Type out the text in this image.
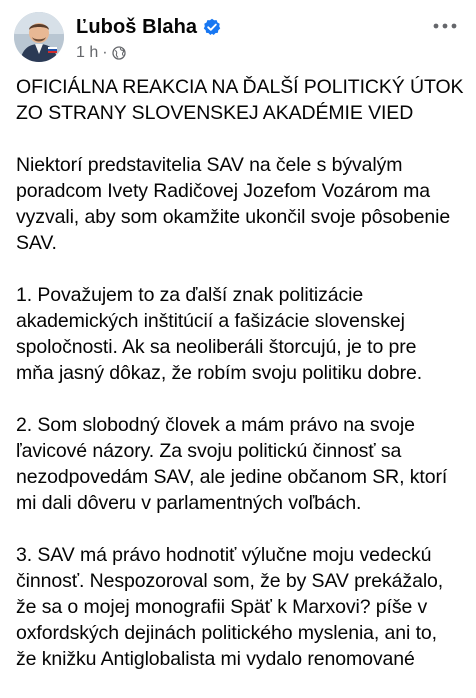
Ľuboš Blaha
1 h ·

OFICIÁLNA REAKCIA NA ĎALŠÍ POLITICKÝ ÚTOK
ZO STRANY SLOVENSKEJ AKADÉMIE VIED

Niektorí predstavitelia SAV na čele s bývalým
poradcom Ivety Radičovej Jozefom Vozárom ma
vyzvali, aby som okamžite ukončil svoje pôsobenie
SAV.

1. Považujem to za ďalší znak politizácie
akademických inštitúcií a fašizácie slovenskej
spoločnosti. Ak sa neoliberáli štorcujú, je to pre
mňa jasný dôkaz, že robím svoju politiku dobre.

2. Som slobodný človek a mám právo na svoje
ľavicové názory. Za svoju politickú činnosť sa
nezodpovedám SAV, ale jedine občanom SR, ktorí
mi dali dôveru v parlamentných voľbách.

3. SAV má právo hodnotiť výlučne moju vedeckú
činnosť. Nespozoroval som, že by SAV prekážalo,
že sa o mojej monografii Späť k Marxovi? píše v
oxfordských dejinách politického myslenia, ani to,
že knižku Antiglobalista mi vydalo renomované
